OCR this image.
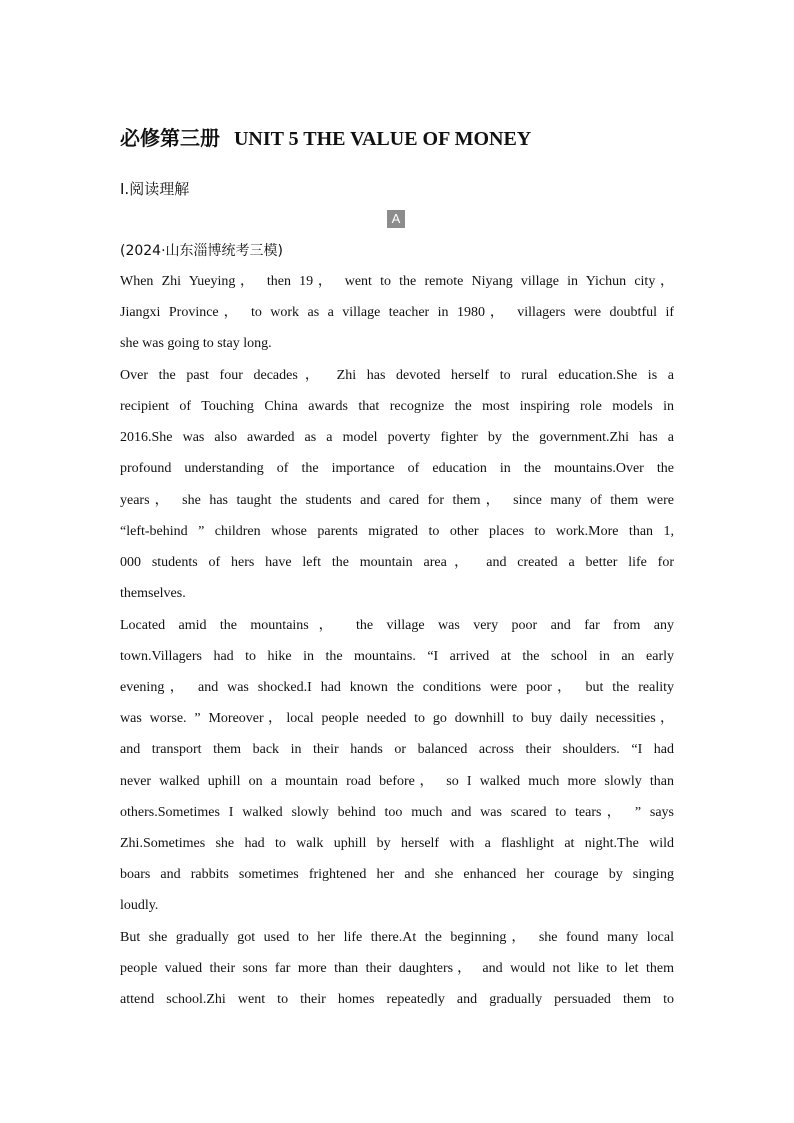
必修第三册 UNIT 5 THE VALUE OF MONEY
Ⅰ.阅读理解
A
(2024·山东淄博统考三模)
When Zhi Yueying， then 19， went to the remote Niyang village in Yichun city，
Jiangxi Province， to work as a village teacher in 1980， villagers were doubtful if
she was going to stay long.
Over the past four decades， Zhi has devoted herself to rural education.She is a
recipient of Touching China awards that recognize the most inspiring role models in
2016.She was also awarded as a model poverty fighter by the government.Zhi has a
profound understanding of the importance of education in the mountains.Over the
years， she has taught the students and cared for them， since many of them were
“left-behind ” children whose parents migrated to other places to work.More than 1,
000 students of hers have left the mountain area， and created a better life for
themselves.
Located amid the mountains， the village was very poor and far from any
town.Villagers had to hike in the mountains. “I arrived at the school in an early
evening， and was shocked.I had known the conditions were poor， but the reality
was worse. ” Moreover，local people needed to go downhill to buy daily necessities，
and transport them back in their hands or balanced across their shoulders. “I had
never walked uphill on a mountain road before， so I walked much more slowly than
others.Sometimes I walked slowly behind too much and was scared to tears， ” says
Zhi.Sometimes she had to walk uphill by herself with a flashlight at night.The wild
boars and rabbits sometimes frightened her and she enhanced her courage by singing
loudly.
But she gradually got used to her life there.At the beginning， she found many local
people valued their sons far more than their daughters， and would not like to let them
attend school.Zhi went to their homes repeatedly and gradually persuaded them to
